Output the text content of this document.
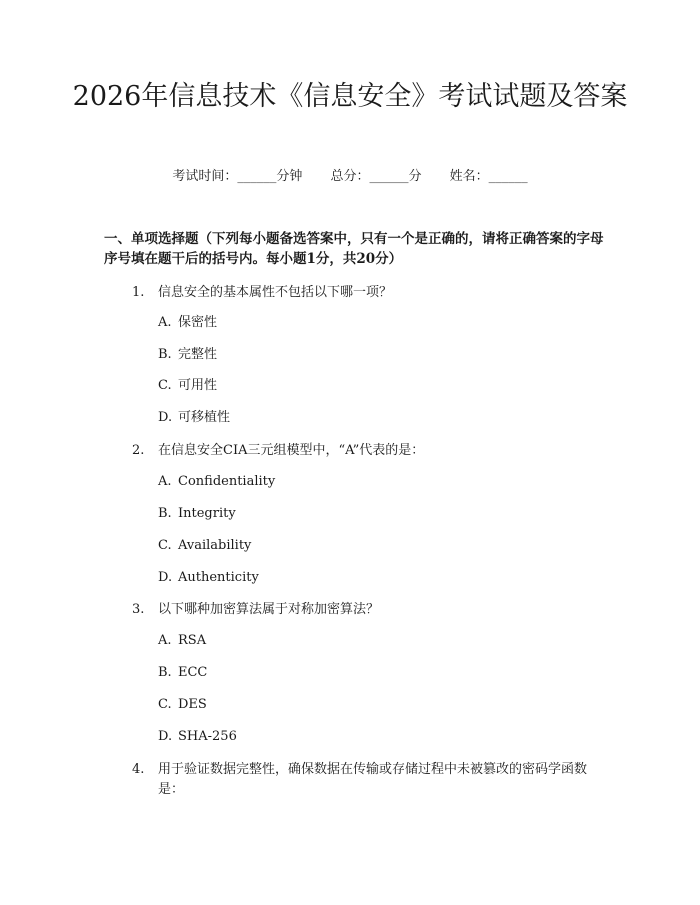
2026年信息技术《信息安全》考试试题及答案
考试时间：______分钟 总分：______分 姓名：______
一、单项选择题（下列每小题备选答案中，只有一个是正确的，请将正确答案的字母序号填在题干后的括号内。每小题1分，共20分）
1. 信息安全的基本属性不包括以下哪一项？
A. 保密性
B. 完整性
C. 可用性
D. 可移植性
2. 在信息安全CIA三元组模型中，“A”代表的是：
A. Confidentiality
B. Integrity
C. Availability
D. Authenticity
3. 以下哪种加密算法属于对称加密算法？
A. RSA
B. ECC
C. DES
D. SHA-256
4. 用于验证数据完整性，确保数据在传输或存储过程中未被篡改的密码学函数是：
